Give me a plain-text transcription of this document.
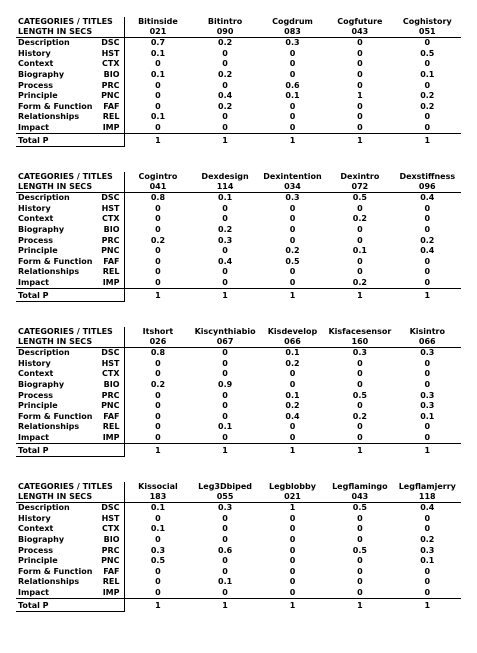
CATEGORIES / TITLES	Bitinside	Bitintro	Cogdrum	Cogfuture	Coghistory
LENGTH IN SECS	021	090	083	043	051

Description DSC	0.7	0.2	0.3	0	0

History HST	0.1	0	0	0	0.5

Context CTX	0	0	0	0	0

Biography BIO	0.1	0.2	0	0	0.1

Process PRC	0	0	0.6	0	0

Principle PNC	0	0.4	0.1	1	0.2

Form & Function FAF	0	0.2	0	0	0.2

Relationships REL	0.1	0	0	0	0

Impact IMP	0	0	0	0	0

Total P	1	1	1	1	1
CATEGORIES / TITLES	Cogintro	Dexdesign	Dexintention	Dexintro	Dexstiffness
LENGTH IN SECS	041	114	034	072	096

Description DSC	0.8	0.1	0.3	0.5	0.4

History HST	0	0	0	0	0

Context CTX	0	0	0	0.2	0

Biography BIO	0	0.2	0	0	0

Process PRC	0.2	0.3	0	0	0.2

Principle PNC	0	0	0.2	0.1	0.4

Form & Function FAF	0	0.4	0.5	0	0

Relationships REL	0	0	0	0	0

Impact IMP	0	0	0	0.2	0

Total P	1	1	1	1	1
CATEGORIES / TITLES	Itshort	Kiscynthiabio	Kisdevelop	Kisfacesensor	Kisintro
LENGTH IN SECS	026	067	066	160	066

Description DSC	0.8	0	0.1	0.3	0.3

History HST	0	0	0.2	0	0

Context CTX	0	0	0	0	0

Biography BIO	0.2	0.9	0	0	0

Process PRC	0	0	0.1	0.5	0.3

Principle PNC	0	0	0.2	0	0.3

Form & Function FAF	0	0	0.4	0.2	0.1

Relationships REL	0	0.1	0	0	0

Impact IMP	0	0	0	0	0

Total P	1	1	1	1	1
CATEGORIES / TITLES	Kissocial	Leg3Dbiped	Legblobby	Legflamingo	Legflamjerry
LENGTH IN SECS	183	055	021	043	118

Description DSC	0.1	0.3	1	0.5	0.4

History HST	0	0	0	0	0

Context CTX	0.1	0	0	0	0

Biography BIO	0	0	0	0	0.2

Process PRC	0.3	0.6	0	0.5	0.3

Principle PNC	0.5	0	0	0	0.1

Form & Function FAF	0	0	0	0	0

Relationships REL	0	0.1	0	0	0

Impact IMP	0	0	0	0	0

Total P	1	1	1	1	1
